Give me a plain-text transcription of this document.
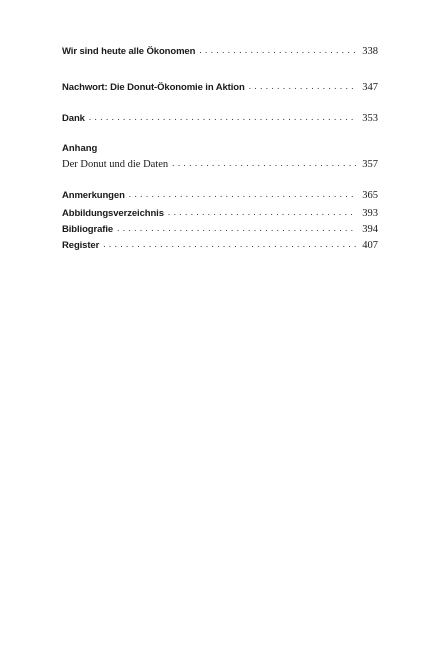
Wir sind heute alle Ökonomen . . .	338
Nachwort: Die Donut-Ökonomie in Aktion . . .	347
Dank . . .	353
Anhang
Der Donut und die Daten . . .	357
Anmerkungen . . .	365
Abbildungsverzeichnis . . .	393
Bibliografie . . .	394
Register . . .	407
